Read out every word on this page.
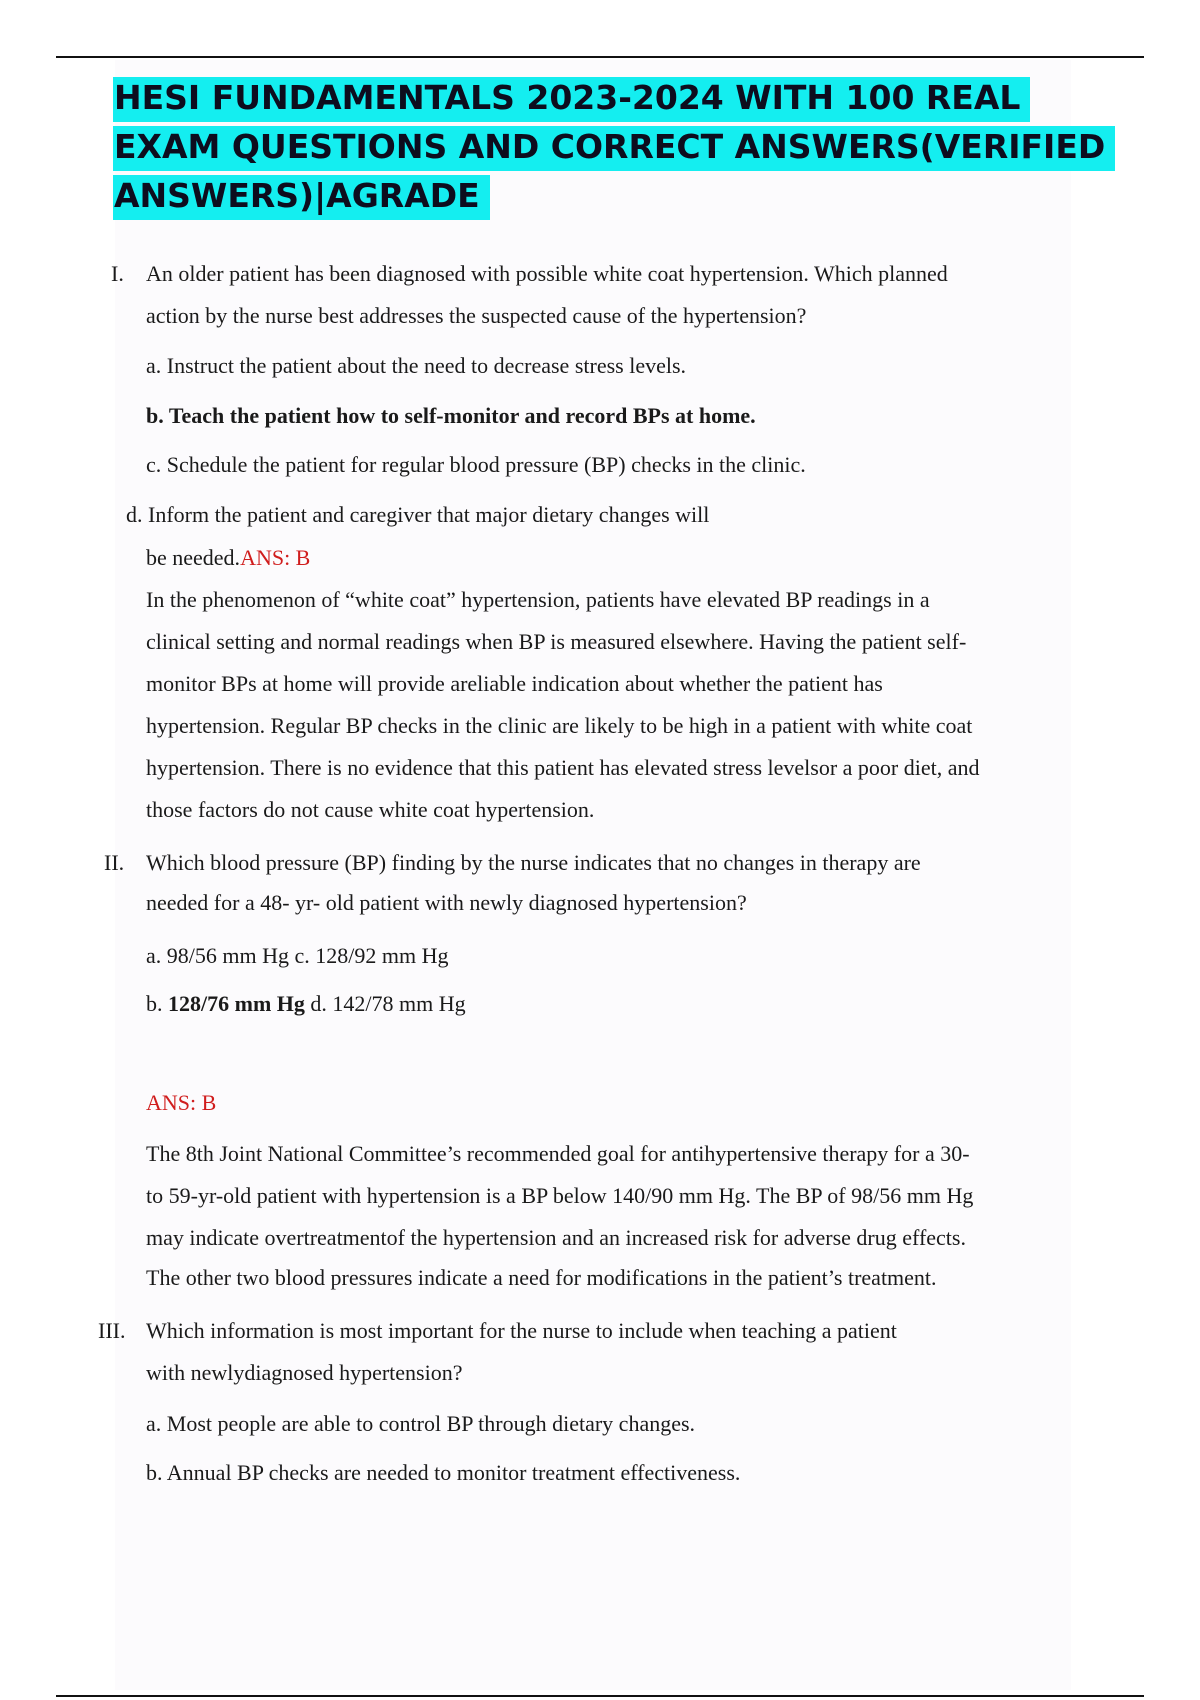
HESI FUNDAMENTALS 2023-2024 WITH 100 REAL EXAM QUESTIONS AND CORRECT ANSWERS(VERIFIED ANSWERS)|AGRADE
I. An older patient has been diagnosed with possible white coat hypertension. Which planned
action by the nurse best addresses the suspected cause of the hypertension?
a. Instruct the patient about the need to decrease stress levels.
b. Teach the patient how to self-monitor and record BPs at home.
c. Schedule the patient for regular blood pressure (BP) checks in the clinic.
d. Inform the patient and caregiver that major dietary changes will
be needed.ANS: B
In the phenomenon of “white coat” hypertension, patients have elevated BP readings in a
clinical setting and normal readings when BP is measured elsewhere. Having the patient self-
monitor BPs at home will provide areliable indication about whether the patient has
hypertension. Regular BP checks in the clinic are likely to be high in a patient with white coat
hypertension. There is no evidence that this patient has elevated stress levelsor a poor diet, and
those factors do not cause white coat hypertension.
II. Which blood pressure (BP) finding by the nurse indicates that no changes in therapy are
needed for a 48- yr- old patient with newly diagnosed hypertension?
a. 98/56 mm Hg c. 128/92 mm Hg
b. 128/76 mm Hg d. 142/78 mm Hg
ANS: B
The 8th Joint National Committee’s recommended goal for antihypertensive therapy for a 30-
to 59-yr-old patient with hypertension is a BP below 140/90 mm Hg. The BP of 98/56 mm Hg
may indicate overtreatmentof the hypertension and an increased risk for adverse drug effects.
The other two blood pressures indicate a need for modifications in the patient’s treatment.
III. Which information is most important for the nurse to include when teaching a patient
with newlydiagnosed hypertension?
a. Most people are able to control BP through dietary changes.
b. Annual BP checks are needed to monitor treatment effectiveness.
